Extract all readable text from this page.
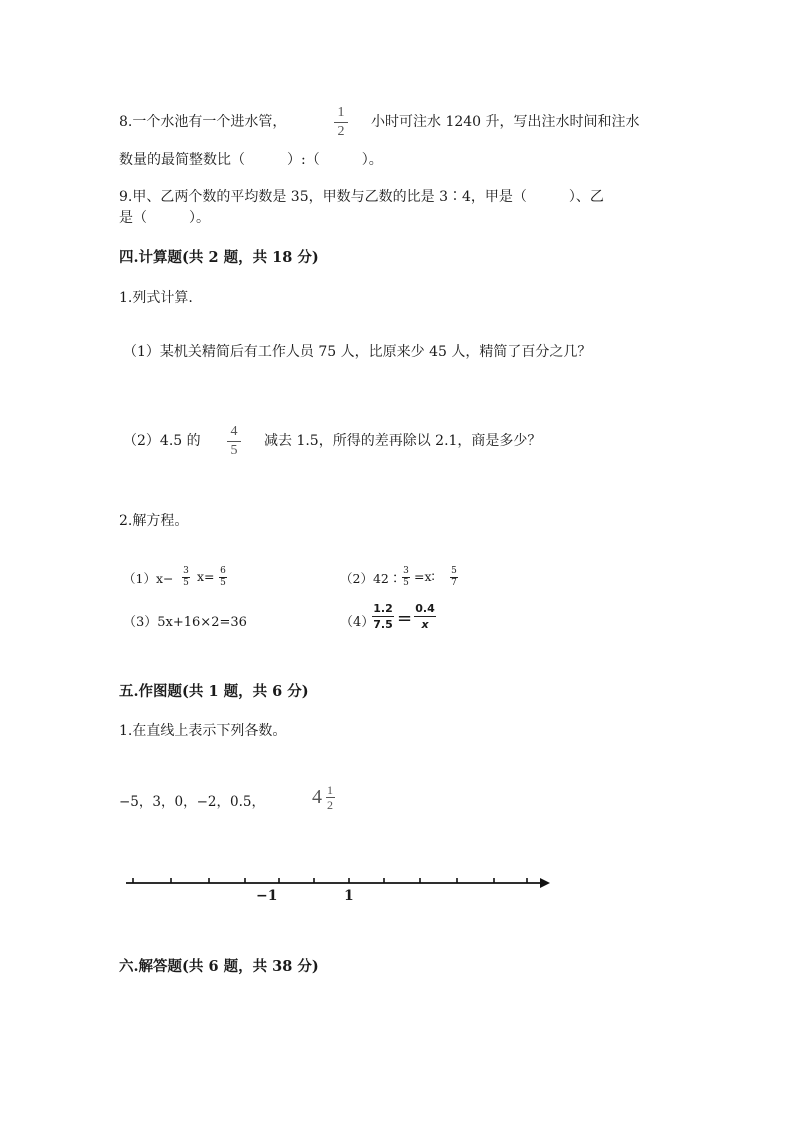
8.一个水池有一个进水管，
1
2
小时可注水 1240 升，写出注水时间和注水
数量的最简整数比（　　　）:（　　　）。
9.甲、乙两个数的平均数是 35，甲数与乙数的比是 3∶4，甲是（　　　）、乙
是（　　　）。
四.计算题(共 2 题，共 18 分)
1.列式计算.
（1）某机关精简后有工作人员 75 人，比原来少 45 人，精简了百分之几？
（2）4.5 的
4
5
减去 1.5，所得的差再除以 2.1，商是多少？
2.解方程。
（1）x− 3
5 x= 6
5	（2）42∶ 3
5 =x∶ 5
7
（3）5x+16×2=36	（4）
1.2
7.5 = 0.4
x
五.作图题(共 1 题，共 6 分)
1.在直线上表示下列各数。
−5，3，0，−2，0.5， $4 \frac{1}{2}$
−1	1
六.解答题(共 6 题，共 38 分)
